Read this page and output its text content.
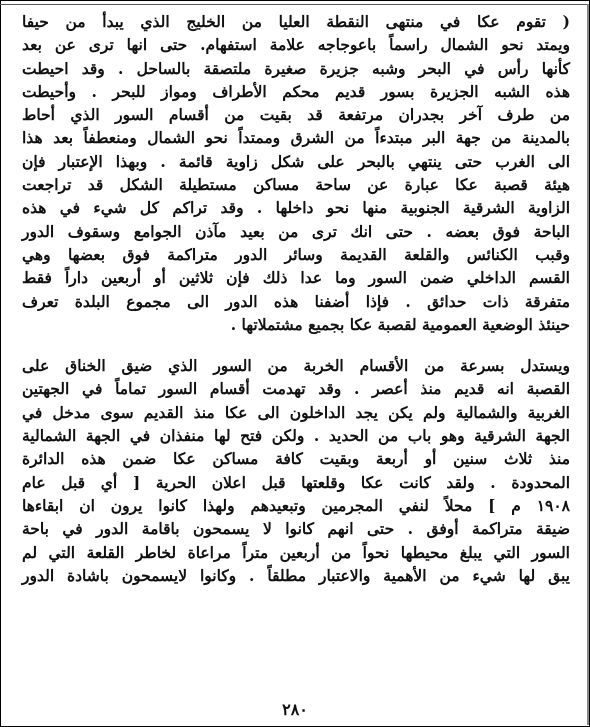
( تقوم عكا في منتهى النقطة العليا من الخليج الذي يبدأ من حيفا
ويمتد نحو الشمال راسماً باعوجاجه علامة استفهام. حتى انها ترى عن بعد
كأنها رأس في البحر وشبه جزيرة صغيرة ملتصقة بالساحل . وقد احيطت
هذه الشبه الجزيرة بسور قديم محكم الأطراف ومواز للبحر . وأحيطت
من طرف آخر بجدران مرتفعة قد بقيت من أقسام السور الذي أحاط
بالمدينة من جهة البر مبتدءاً من الشرق وممتداً نحو الشمال ومنعطفاً بعد هذا
الى الغرب حتى ينتهي بالبحر على شكل زاوية قائمة . وبهذا الإعتبار فإن
هيئة قصبة عكا عبارة عن ساحة مساكن مستطيلة الشكل قد تراجعت
الزاوية الشرقية الجنوبية منها نحو داخلها . وقد تراكم كل شيء في هذه
الباحة فوق بعضه . حتى انك ترى من بعيد مآذن الجوامع وسقوف الدور
وقبب الكنائس والقلعة القديمة وسائر الدور متراكمة فوق بعضها وهي
القسم الداخلي ضمن السور وما عدا ذلك فإن ثلاثين أو أربعين داراً فقط
متفرقة ذات حدائق . فإذا أضفنا هذه الدور الى مجموع البلدة تعرف
حينئذ الوضعية العمومية لقصبة عكا بجميع مشتملاتها .
ويستدل بسرعة من الأقسام الخربة من السور الذي ضيق الخناق على
القصبة انه قديم منذ أعصر . وقد تهدمت أقسام السور تماماً في الجهتين
الغربية والشمالية ولم يكن يجد الداخلون الى عكا منذ القديم سوى مدخل في
الجهة الشرقية وهو باب من الحديد . ولكن فتح لها منفذان في الجهة الشمالية
منذ ثلاث سنين أو أربعة وبقيت كافة مساكن عكا ضمن هذه الدائرة
المحدودة . ولقد كانت عكا وقلعتها قبل اعلان الحرية [ أي قبل عام
١٩٠٨ م ] محلاً لنفي المجرمين وتبعيدهم ولهذا كانوا يرون ان ابقاءها
ضيقة متراكمة أوفق . حتى انهم كانوا لا يسمحون باقامة الدور في باحة
السور التي يبلغ محيطها نحواً من أربعين متراً مراعاة لخاطر القلعة التي لم
يبق لها شيء من الأهمية والاعتبار مطلقاً . وكانوا لايسمحون باشادة الدور
٢٨٠
